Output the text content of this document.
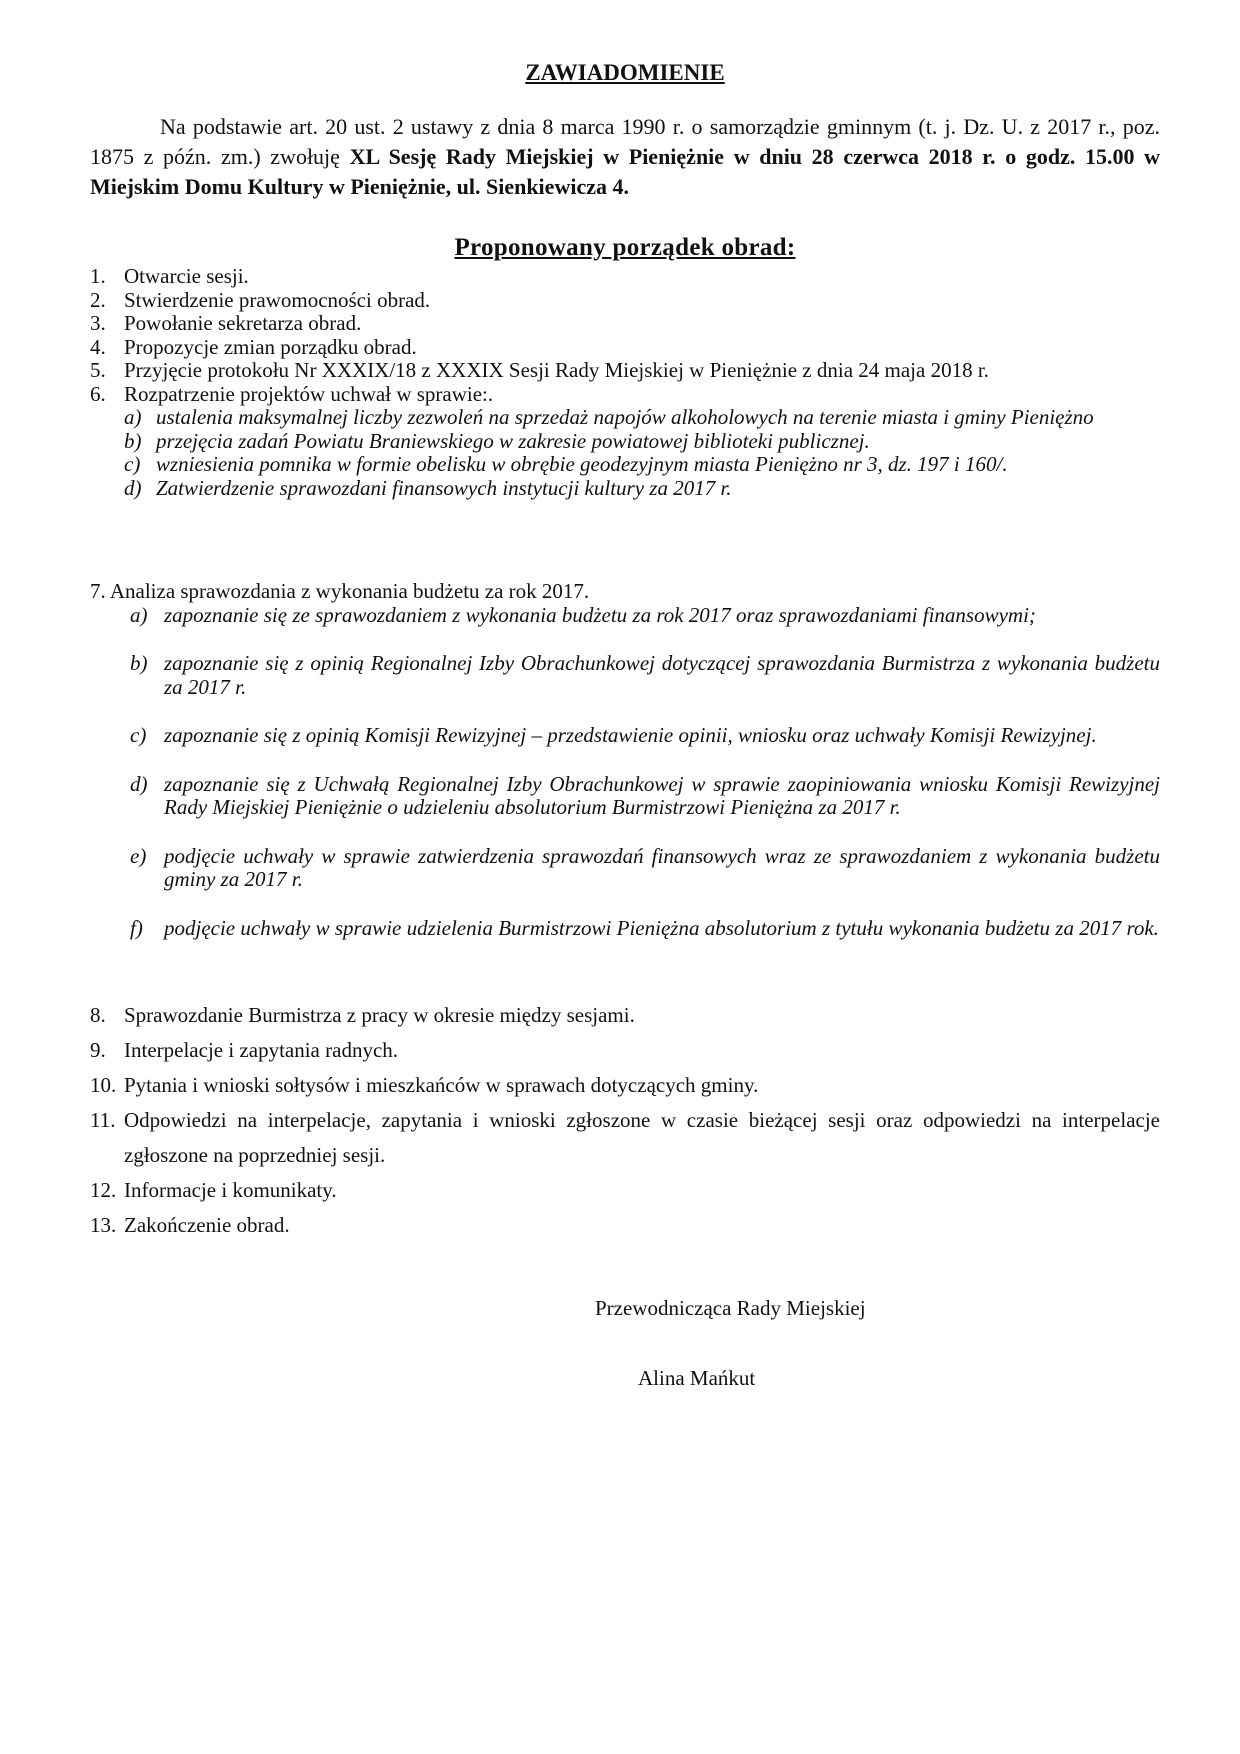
ZAWIADOMIENIE

Na podstawie art. 20 ust. 2 ustawy z dnia 8 marca 1990 r. o samorządzie gminnym (t. j. Dz. U. z 2017 r., poz. 1875 z późn. zm.) zwołuję XL Sesję Rady Miejskiej w Pieniężnie w dniu 28 czerwca 2018 r. o godz. 15.00 w Miejskim Domu Kultury w Pieniężnie, ul. Sienkiewicza 4.

Proponowany porządek obrad:
1. Otwarcie sesji.
2. Stwierdzenie prawomocności obrad.
3. Powołanie sekretarza obrad.
4. Propozycje zmian porządku obrad.
5. Przyjęcie protokołu Nr XXXIX/18 z XXXIX Sesji Rady Miejskiej w Pieniężnie z dnia 24 maja 2018 r.
6. Rozpatrzenie projektów uchwał w sprawie:.
a) ustalenia maksymalnej liczby zezwoleń na sprzedaż napojów alkoholowych na terenie miasta i gminy Pieniężno
b) przejęcia zadań Powiatu Braniewskiego w zakresie powiatowej biblioteki publicznej.
c) wzniesienia pomnika w formie obelisku w obrębie geodezyjnym miasta Pieniężno nr 3, dz. 197 i 160/.
d) Zatwierdzenie sprawozdani finansowych instytucji kultury za 2017 r.
7. Analiza sprawozdania z wykonania budżetu za rok 2017.
a) zapoznanie się ze sprawozdaniem z wykonania budżetu za rok 2017 oraz sprawozdaniami finansowymi;
b) zapoznanie się z opinią Regionalnej Izby Obrachunkowej dotyczącej sprawozdania Burmistrza z wykonania budżetu za 2017 r.
c) zapoznanie się z opinią Komisji Rewizyjnej – przedstawienie opinii, wniosku oraz uchwały Komisji Rewizyjnej.
d) zapoznanie się z Uchwałą Regionalnej Izby Obrachunkowej w sprawie zaopiniowania wniosku Komisji Rewizyjnej Rady Miejskiej Pieniężnie o udzieleniu absolutorium Burmistrzowi Pieniężna za 2017 r.
e) podjęcie uchwały w sprawie zatwierdzenia sprawozdań finansowych wraz ze sprawozdaniem z wykonania budżetu gminy za 2017 r.
f) podjęcie uchwały w sprawie udzielenia Burmistrzowi Pieniężna absolutorium z tytułu wykonania budżetu za 2017 rok.
8. Sprawozdanie Burmistrza z pracy w okresie między sesjami.
9. Interpelacje i zapytania radnych.
10. Pytania i wnioski sołtysów i mieszkańców w sprawach dotyczących gminy.
11. Odpowiedzi na interpelacje, zapytania i wnioski zgłoszone w czasie bieżącej sesji oraz odpowiedzi na interpelacje zgłoszone na poprzedniej sesji.
12. Informacje i komunikaty.
13. Zakończenie obrad.
Przewodnicząca Rady Miejskiej
Alina Mańkut
